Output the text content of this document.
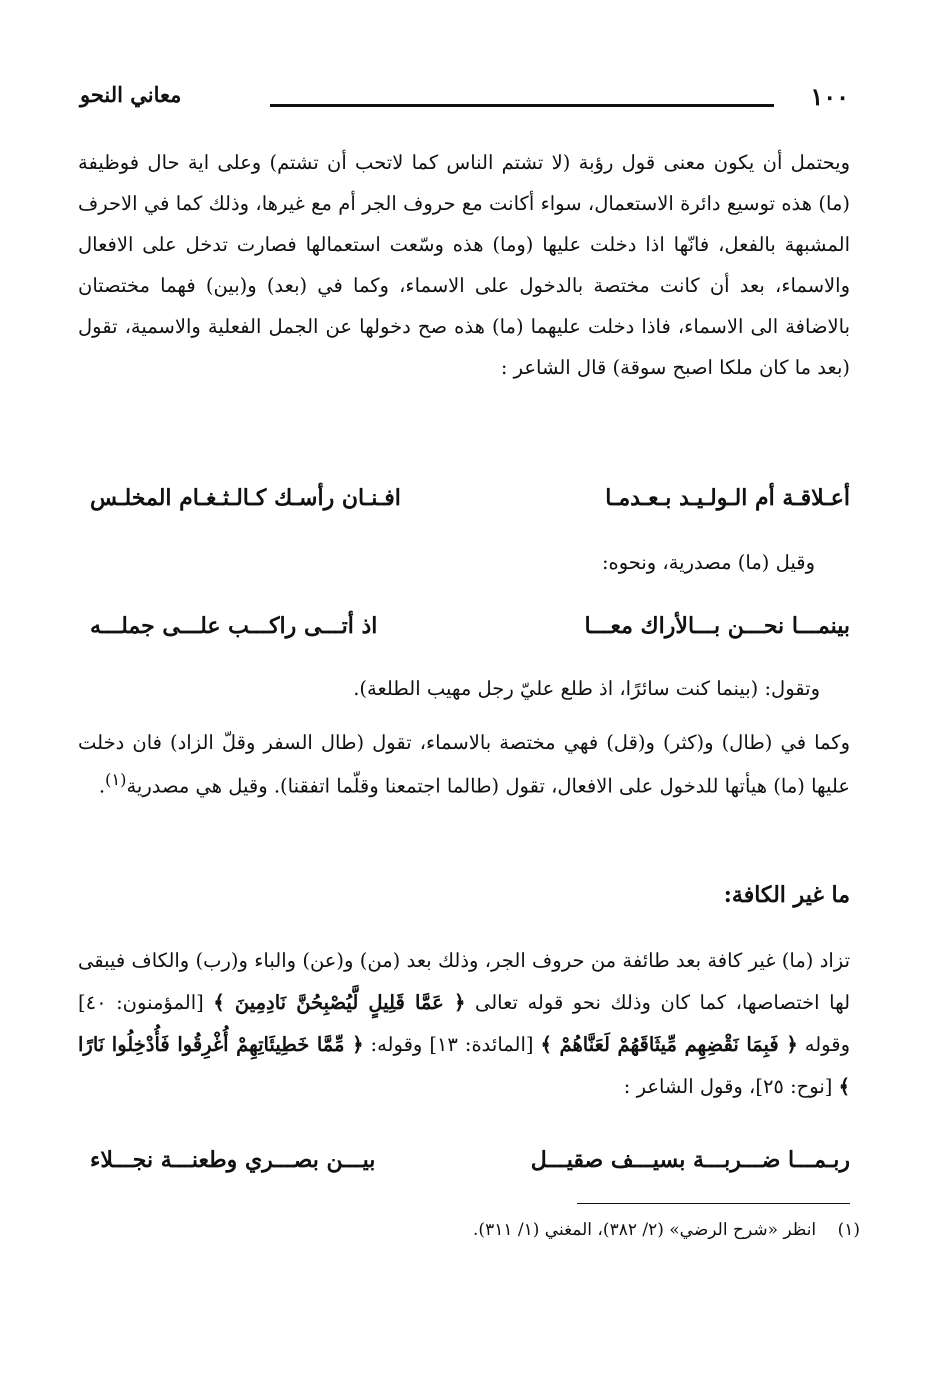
١٠٠
معاني النحو

ويحتمل أن يكون معنى قول رؤبة (لا تشتم الناس كما لاتحب أن تشتم) وعلى اية حال فوظيفة (ما) هذه توسيع دائرة الاستعمال، سواء أكانت مع حروف الجر أم مع غيرها، وذلك كما في الاحرف المشبهة بالفعل، فانّها اذا دخلت عليها (وما) هذه وسّعت استعمالها فصارت تدخل على الافعال والاسماء، بعد أن كانت مختصة بالدخول على الاسماء، وكما في (بعد) و(بين) فهما مختصتان بالاضافة الى الاسماء، فاذا دخلت عليهما (ما) هذه صح دخولها عن الجمل الفعلية والاسمية، تقول (بعد ما كان ملكا اصبح سوقة) قال الشاعر :

أعـلاقـة أم الـولـيـد بـعـدمـا
افـنـان رأسـك كـالـثـغـام المخلـس

وقيل (ما) مصدرية، ونحوه:

بينمـــا نحـــن بـــالأراك معـــا
اذ أتـــى راكـــب علـــى جملـــه

وتقول: (بينما كنت سائرًا، اذ طلع عليّ رجل مهيب الطلعة).

وكما في (طال) و(كثر) و(قل) فهي مختصة بالاسماء، تقول (طال السفر وقلّ الزاد) فان دخلت عليها (ما) هيأتها للدخول على الافعال، تقول (طالما اجتمعنا وقلّما اتفقنا). وقيل هي مصدرية$^{(١)}$.

ما غير الكافة:

تزاد (ما) غير كافة بعد طائفة من حروف الجر، وذلك بعد (من) و(عن) والباء و(رب) والكاف فيبقى لها اختصاصها، كما كان وذلك نحو قوله تعالى ﴿ عَمَّا قَلِيلٍ لَّيُصْبِحُنَّ نَادِمِينَ ﴾ [المؤمنون: ٤٠] وقوله ﴿ فَبِمَا نَقْضِهِم مِّيثَاقَهُمْ لَعَنَّاهُمْ ﴾ [المائدة: ١٣] وقوله: ﴿ مِّمَّا خَطِيئَاتِهِمْ أُغْرِقُوا فَأُدْخِلُوا نَارًا ﴾ [نوح: ٢٥]، وقول الشاعر :

ربـمـــا ضـــربـــة بسيـــف صقيـــل
بيـــن بصـــري وطعنـــة نجـــلاء
(١) انظر «شرح الرضي» (٢/ ٣٨٢)، المغني (١/ ٣١١).
